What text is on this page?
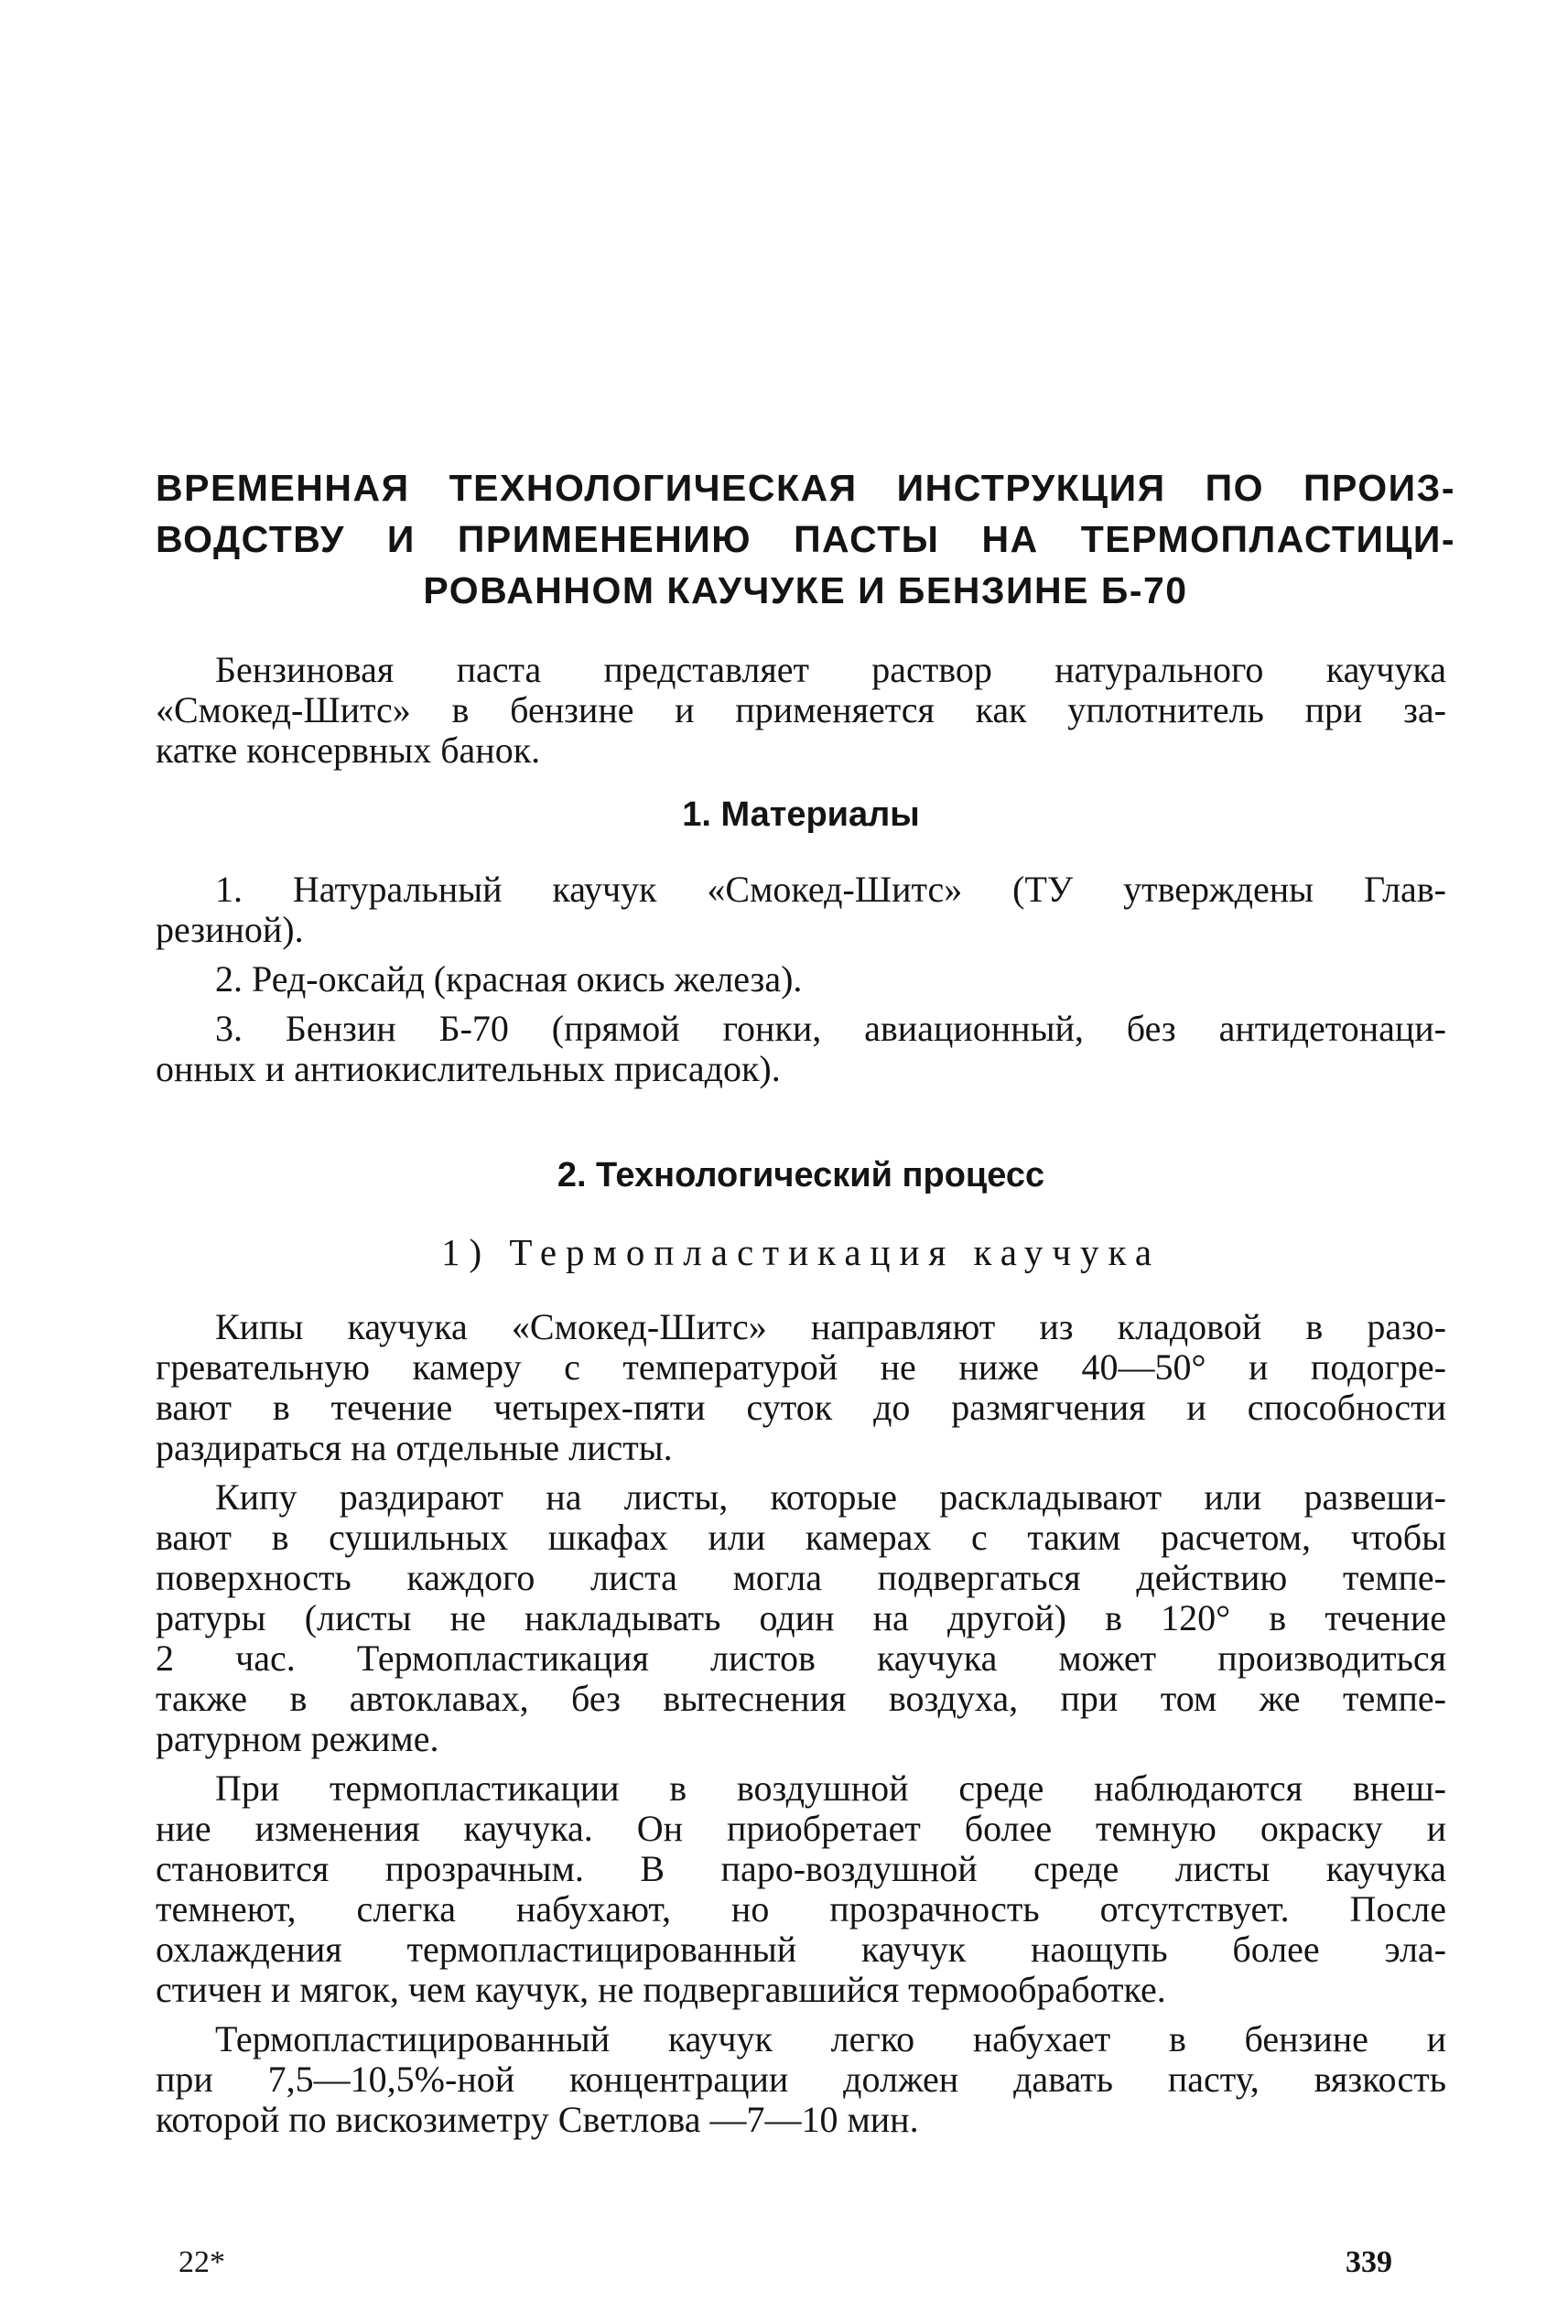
ВРЕМЕННАЯ ТЕХНОЛОГИЧЕСКАЯ ИНСТРУКЦИЯ ПО ПРОИЗ-
ВОДСТВУ И ПРИМЕНЕНИЮ ПАСТЫ НА ТЕРМОПЛАСТИЦИ-
РОВАННОМ КАУЧУКЕ И БЕНЗИНЕ Б-70
Бензиновая паста представляет раствор натурального каучука
«Смокед-Шитс» в бензине и применяется как уплотнитель при за-
катке консервных банок.
1. Материалы
1. Натуральный каучук «Смокед-Шитс» (ТУ утверждены Глав-
резиной).
2. Ред-оксайд (красная окись железа).
3. Бензин Б-70 (прямой гонки, авиационный, без антидетонаци-
онных и антиокислительных присадок).
2. Технологический процесс
1) Термопластикация каучука
Кипы каучука «Смокед-Шитс» направляют из кладовой в разо-
гревательную камеру с температурой не ниже 40—50° и подогре-
вают в течение четырех-пяти суток до размягчения и способности
раздираться на отдельные листы.
Кипу раздирают на листы, которые раскладывают или развеши-
вают в сушильных шкафах или камерах с таким расчетом, чтобы
поверхность каждого листа могла подвергаться действию темпе-
ратуры (листы не накладывать один на другой) в 120° в течение
2 час. Термопластикация листов каучука может производиться
также в автоклавах, без вытеснения воздуха, при том же темпе-
ратурном режиме.
При термопластикации в воздушной среде наблюдаются внеш-
ние изменения каучука. Он приобретает более темную окраску и
становится прозрачным. В паро-воздушной среде листы каучука
темнеют, слегка набухают, но прозрачность отсутствует. После
охлаждения термопластицированный каучук наощупь более эла-
стичен и мягок, чем каучук, не подвергавшийся термообработке.
Термопластицированный каучук легко набухает в бензине и
при 7,5—10,5%-ной концентрации должен давать пасту, вязкость
которой по вискозиметру Светлова —7—10 мин.
22*	339
